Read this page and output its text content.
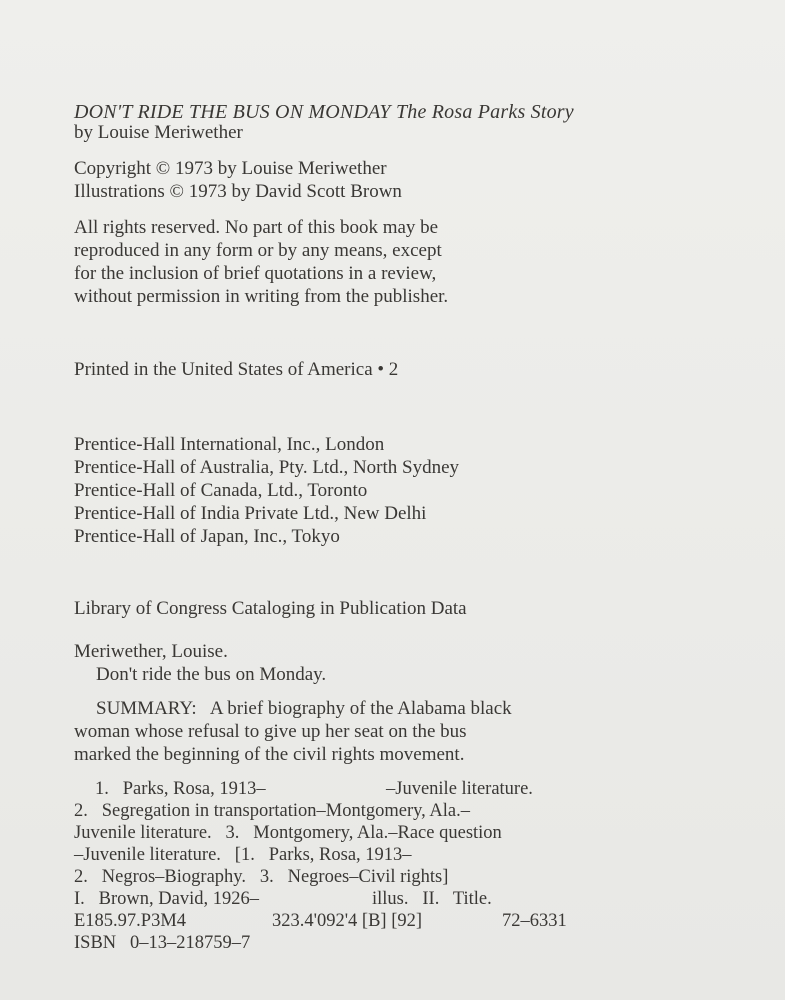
DON'T RIDE THE BUS ON MONDAY The Rosa Parks Story
by Louise Meriwether
Copyright © 1973 by Louise Meriwether
Illustrations © 1973 by David Scott Brown
All rights reserved. No part of this book may be
reproduced in any form or by any means, except
for the inclusion of brief quotations in a review,
without permission in writing from the publisher.
Printed in the United States of America • 2
Prentice-Hall International, Inc., London
Prentice-Hall of Australia, Pty. Ltd., North Sydney
Prentice-Hall of Canada, Ltd., Toronto
Prentice-Hall of India Private Ltd., New Delhi
Prentice-Hall of Japan, Inc., Tokyo
Library of Congress Cataloging in Publication Data
Meriwether, Louise.
Don't ride the bus on Monday.
SUMMARY:   A brief biography of the Alabama black
woman whose refusal to give up her seat on the bus
marked the beginning of the civil rights movement.
1.   Parks, Rosa, 1913–	–Juvenile literature.
2.   Segregation in transportation–Montgomery, Ala.–
Juvenile literature.   3.   Montgomery, Ala.–Race question
–Juvenile literature.   [1.   Parks, Rosa, 1913–
2.   Negros–Biography.   3.   Negroes–Civil rights]
I.   Brown, David, 1926–	illus.   II.   Title.
E185.97.P3M4	323.4'092'4 [B] [92]	72–6331
ISBN   0–13–218759–7
